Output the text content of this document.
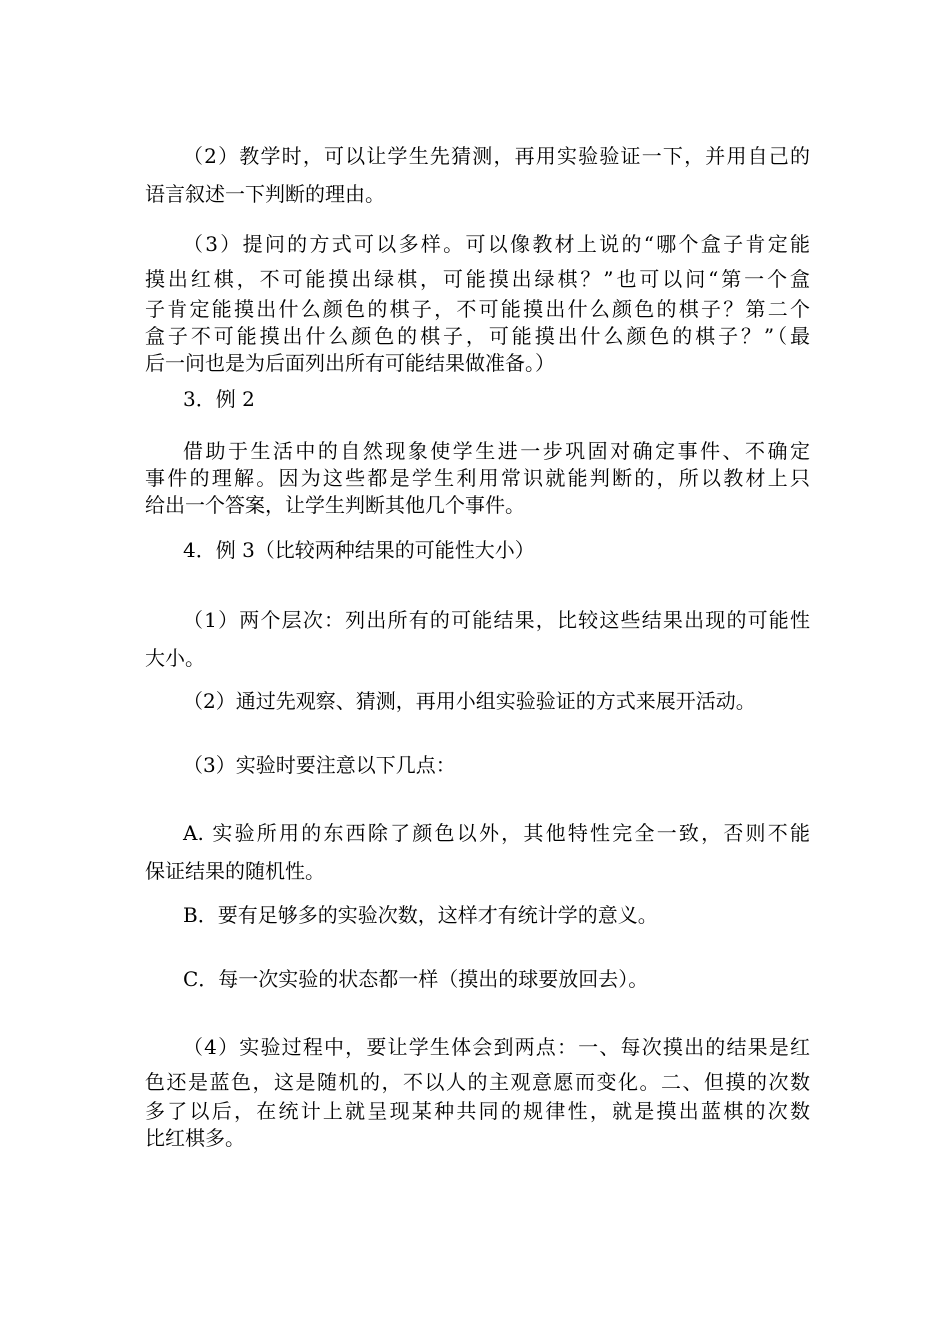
（2）教学时，可以让学生先猜测，再用实验验证一下，并用自己的
语言叙述一下判断的理由。
（3）提问的方式可以多样。可以像教材上说的“哪个盒子肯定能
摸出红棋，不可能摸出绿棋，可能摸出绿棋？”也可以问“第一个盒
子肯定能摸出什么颜色的棋子，不可能摸出什么颜色的棋子？第二个
盒子不可能摸出什么颜色的棋子，可能摸出什么颜色的棋子？”（最
后一问也是为后面列出所有可能结果做准备。）
3．例 2
借助于生活中的自然现象使学生进一步巩固对确定事件、不确定
事件的理解。因为这些都是学生利用常识就能判断的，所以教材上只
给出一个答案，让学生判断其他几个事件。
4．例 3（比较两种结果的可能性大小）
（1）两个层次：列出所有的可能结果，比较这些结果出现的可能性
大小。
（2）通过先观察、猜测，再用小组实验验证的方式来展开活动。
（3）实验时要注意以下几点：
A. 实验所用的东西除了颜色以外，其他特性完全一致，否则不能
保证结果的随机性。
B．要有足够多的实验次数，这样才有统计学的意义。
C．每一次实验的状态都一样（摸出的球要放回去）。
（4）实验过程中，要让学生体会到两点：一、每次摸出的结果是红
色还是蓝色，这是随机的，不以人的主观意愿而变化。二、但摸的次数
多了以后，在统计上就呈现某种共同的规律性，就是摸出蓝棋的次数
比红棋多。
